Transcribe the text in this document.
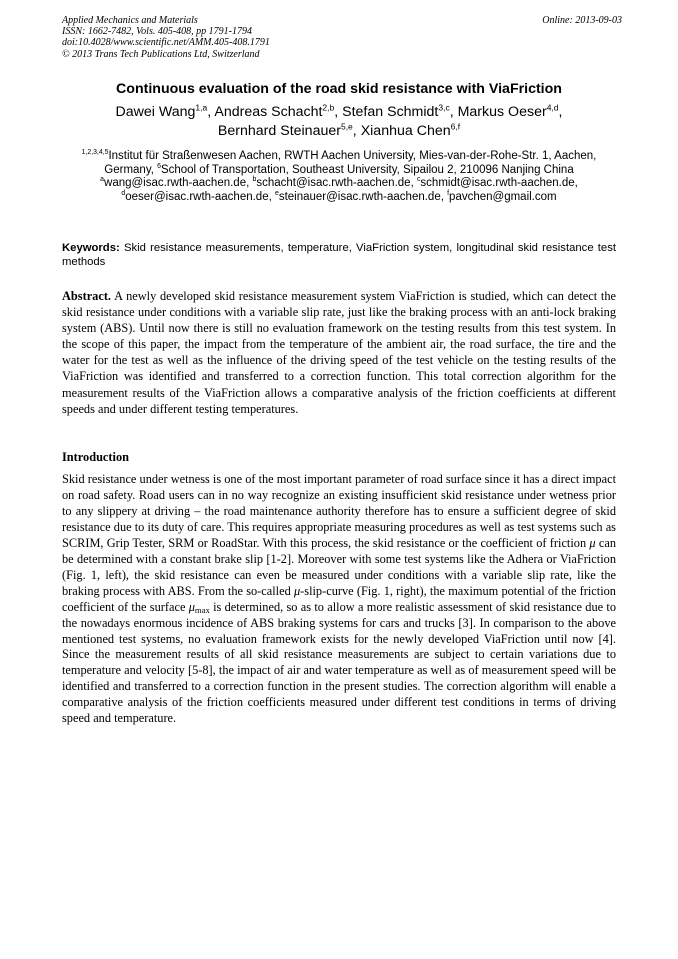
Applied Mechanics and Materials
ISSN: 1662-7482, Vols. 405-408, pp 1791-1794
doi:10.4028/www.scientific.net/AMM.405-408.1791
© 2013 Trans Tech Publications Ltd, Switzerland
Online: 2013-09-03
Continuous evaluation of the road skid resistance with ViaFriction
Dawei Wang$^{1,a}$, Andreas Schacht$^{2,b}$, Stefan Schmidt$^{3,c}$, Markus Oeser$^{4,d}$,
Bernhard Steinauer$^{5,e}$, Xianhua Chen$^{6,f}$
$^{1,2,3,4,5}$Institut für Straßenwesen Aachen, RWTH Aachen University, Mies-van-der-Rohe-Str. 1, Aachen, Germany, $^6$School of Transportation, Southeast University, Sipailou 2, 210096 Nanjing China
$^a$wang@isac.rwth-aachen.de, $^b$schacht@isac.rwth-aachen.de, $^c$schmidt@isac.rwth-aachen.de, $^d$oeser@isac.rwth-aachen.de, $^e$steinauer@isac.rwth-aachen.de, $^f$pavchen@gmail.com
Keywords: Skid resistance measurements, temperature, ViaFriction system, longitudinal skid resistance test methods
Abstract. A newly developed skid resistance measurement system ViaFriction is studied, which can detect the skid resistance under conditions with a variable slip rate, just like the braking process with an anti-lock braking system (ABS). Until now there is still no evaluation framework on the testing results from this test system. In the scope of this paper, the impact from the temperature of the ambient air, the road surface, the tire and the water for the test as well as the influence of the driving speed of the test vehicle on the testing results of the ViaFriction was identified and transferred to a correction function. This total correction algorithm for the measurement results of the ViaFriction allows a comparative analysis of the friction coefficients at different speeds and under different testing temperatures.
Introduction
Skid resistance under wetness is one of the most important parameter of road surface since it has a direct impact on road safety. Road users can in no way recognize an existing insufficient skid resistance under wetness prior to any slippery at driving – the road maintenance authority therefore has to ensure a sufficient degree of skid resistance due to its duty of care. This requires appropriate measuring procedures as well as test systems such as SCRIM, Grip Tester, SRM or RoadStar. With this process, the skid resistance or the coefficient of friction μ can be determined with a constant brake slip [1-2]. Moreover with some test systems like the Adhera or ViaFriction (Fig. 1, left), the skid resistance can even be measured under conditions with a variable slip rate, like the braking process with ABS. From the so-called μ-slip-curve (Fig. 1, right), the maximum potential of the friction coefficient of the surface $\mu_{max}$ is determined, so as to allow a more realistic assessment of skid resistance due to the nowadays enormous incidence of ABS braking systems for cars and trucks [3]. In comparison to the above mentioned test systems, no evaluation framework exists for the newly developed ViaFriction until now [4]. Since the measurement results of all skid resistance measurements are subject to certain variations due to temperature and velocity [5-8], the impact of air and water temperature as well as of measurement speed will be identified and transferred to a correction function in the present studies. The correction algorithm will enable a comparative analysis of the friction coefficients measured under different test conditions in terms of driving speed and temperature.
